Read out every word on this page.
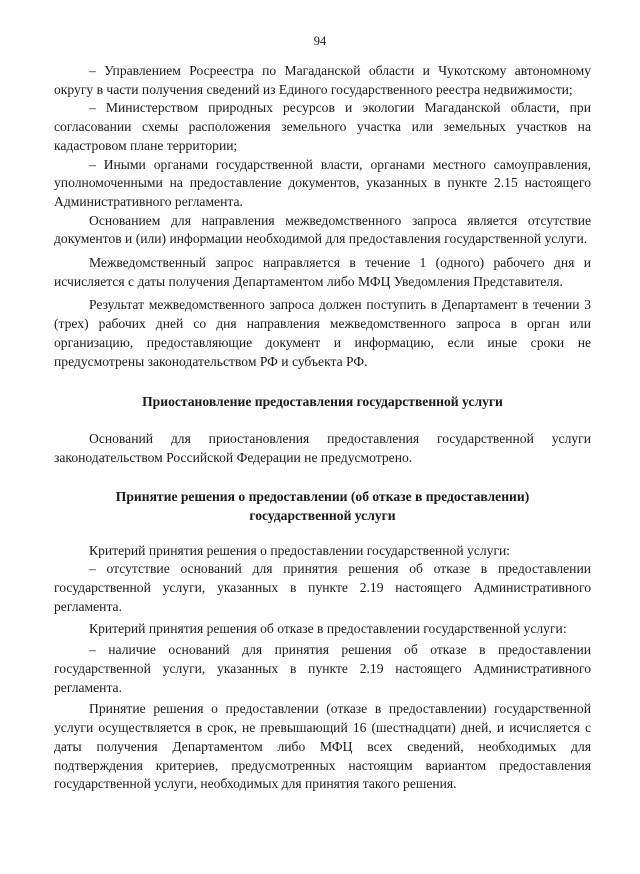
94

– Управлением Росреестра по Магаданской области и Чукотскому автономному округу в части получения сведений из Единого государственного реестра недвижимости;

– Министерством природных ресурсов и экологии Магаданской области, при согласовании схемы расположения земельного участка или земельных участков на кадастровом плане территории;

– Иными органами государственной власти, органами местного самоуправления, уполномоченными на предоставление документов, указанных в пункте 2.15 настоящего Административного регламента.

Основанием для направления межведомственного запроса является отсутствие документов и (или) информации необходимой для предоставления государственной услуги.

Межведомственный запрос направляется в течение 1 (одного) рабочего дня и исчисляется с даты получения Департаментом либо МФЦ Уведомления Представителя.

Результат межведомственного запроса должен поступить в Департамент в течении 3 (трех) рабочих дней со дня направления межведомственного запроса в орган или организацию, предоставляющие документ и информацию, если иные сроки не предусмотрены законодательством РФ и субъекта РФ.

Приостановление предоставления государственной услуги

Оснований для приостановления предоставления государственной услуги законодательством Российской Федерации не предусмотрено.

Принятие решения о предоставлении (об отказе в предоставлении)
государственной услуги

Критерий принятия решения о предоставлении государственной услуги:

– отсутствие оснований для принятия решения об отказе в предоставлении государственной услуги, указанных в пункте 2.19 настоящего Административного регламента.

Критерий принятия решения об отказе в предоставлении государственной услуги:

– наличие оснований для принятия решения об отказе в предоставлении государственной услуги, указанных в пункте 2.19 настоящего Административного регламента.

Принятие решения о предоставлении (отказе в предоставлении) государственной услуги осуществляется в срок, не превышающий 16 (шестнадцати) дней, и исчисляется с даты получения Департаментом либо МФЦ всех сведений, необходимых для подтверждения критериев, предусмотренных настоящим вариантом предоставления государственной услуги, необходимых для принятия такого решения.
